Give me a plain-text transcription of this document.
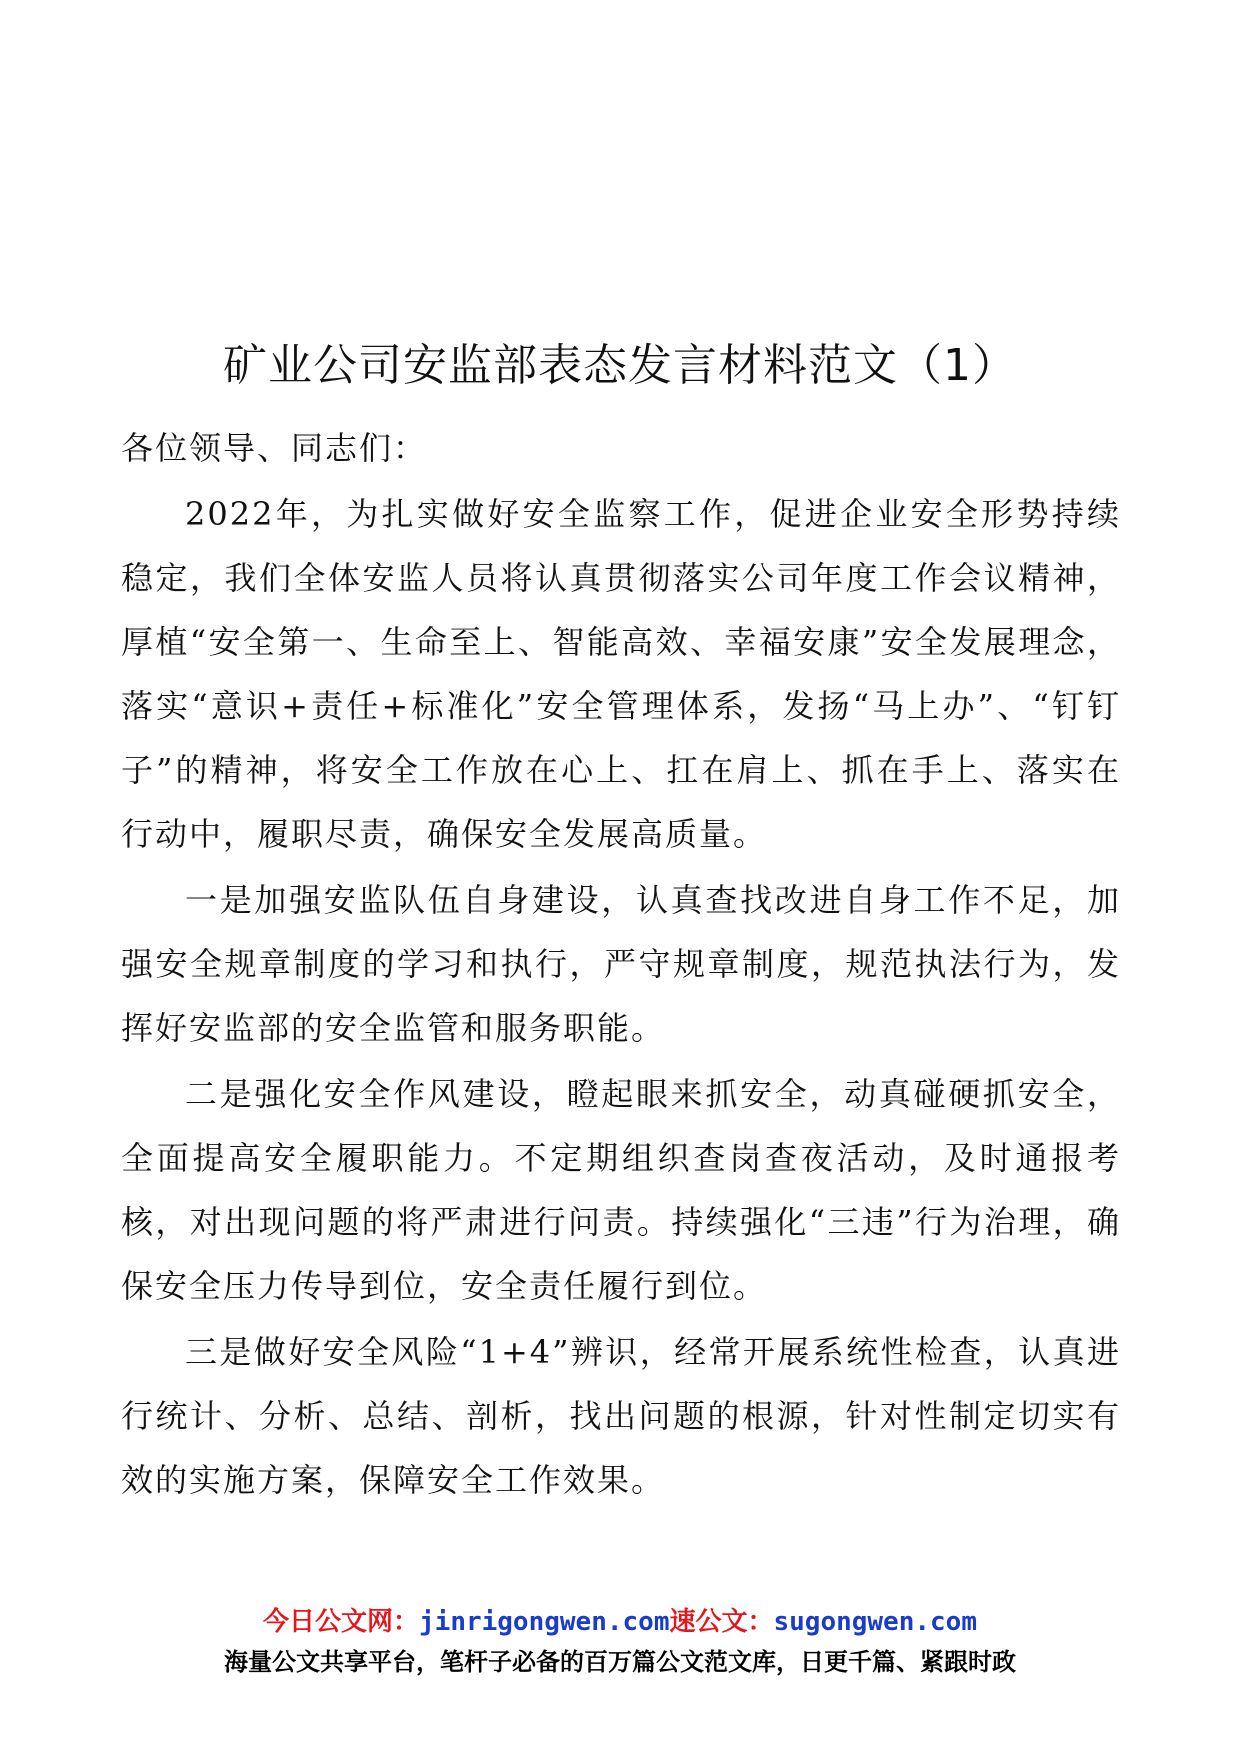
矿业公司安监部表态发言材料范文（1）

各位领导、同志们：

2022年，为扎实做好安全监察工作，促进企业安全形势持续稳定，我们全体安监人员将认真贯彻落实公司年度工作会议精神，厚植“安全第一、生命至上、智能高效、幸福安康”安全发展理念，落实“意识+责任+标准化”安全管理体系，发扬“马上办”、“钉钉子”的精神，将安全工作放在心上、扛在肩上、抓在手上、落实在行动中，履职尽责，确保安全发展高质量。

一是加强安监队伍自身建设，认真查找改进自身工作不足，加强安全规章制度的学习和执行，严守规章制度，规范执法行为，发挥好安监部的安全监管和服务职能。

二是强化安全作风建设，瞪起眼来抓安全，动真碰硬抓安全，全面提高安全履职能力。不定期组织查岗查夜活动，及时通报考核，对出现问题的将严肃进行问责。持续强化“三违”行为治理，确保安全压力传导到位，安全责任履行到位。

三是做好安全风险“1+4”辨识，经常开展系统性检查，认真进行统计、分析、总结、剖析，找出问题的根源，针对性制定切实有效的实施方案，保障安全工作效果。

今日公文网：jinrigongwen.com速公文：sugongwen.com
海量公文共享平台，笔杆子必备的百万篇公文范文库，日更千篇、紧跟时政
